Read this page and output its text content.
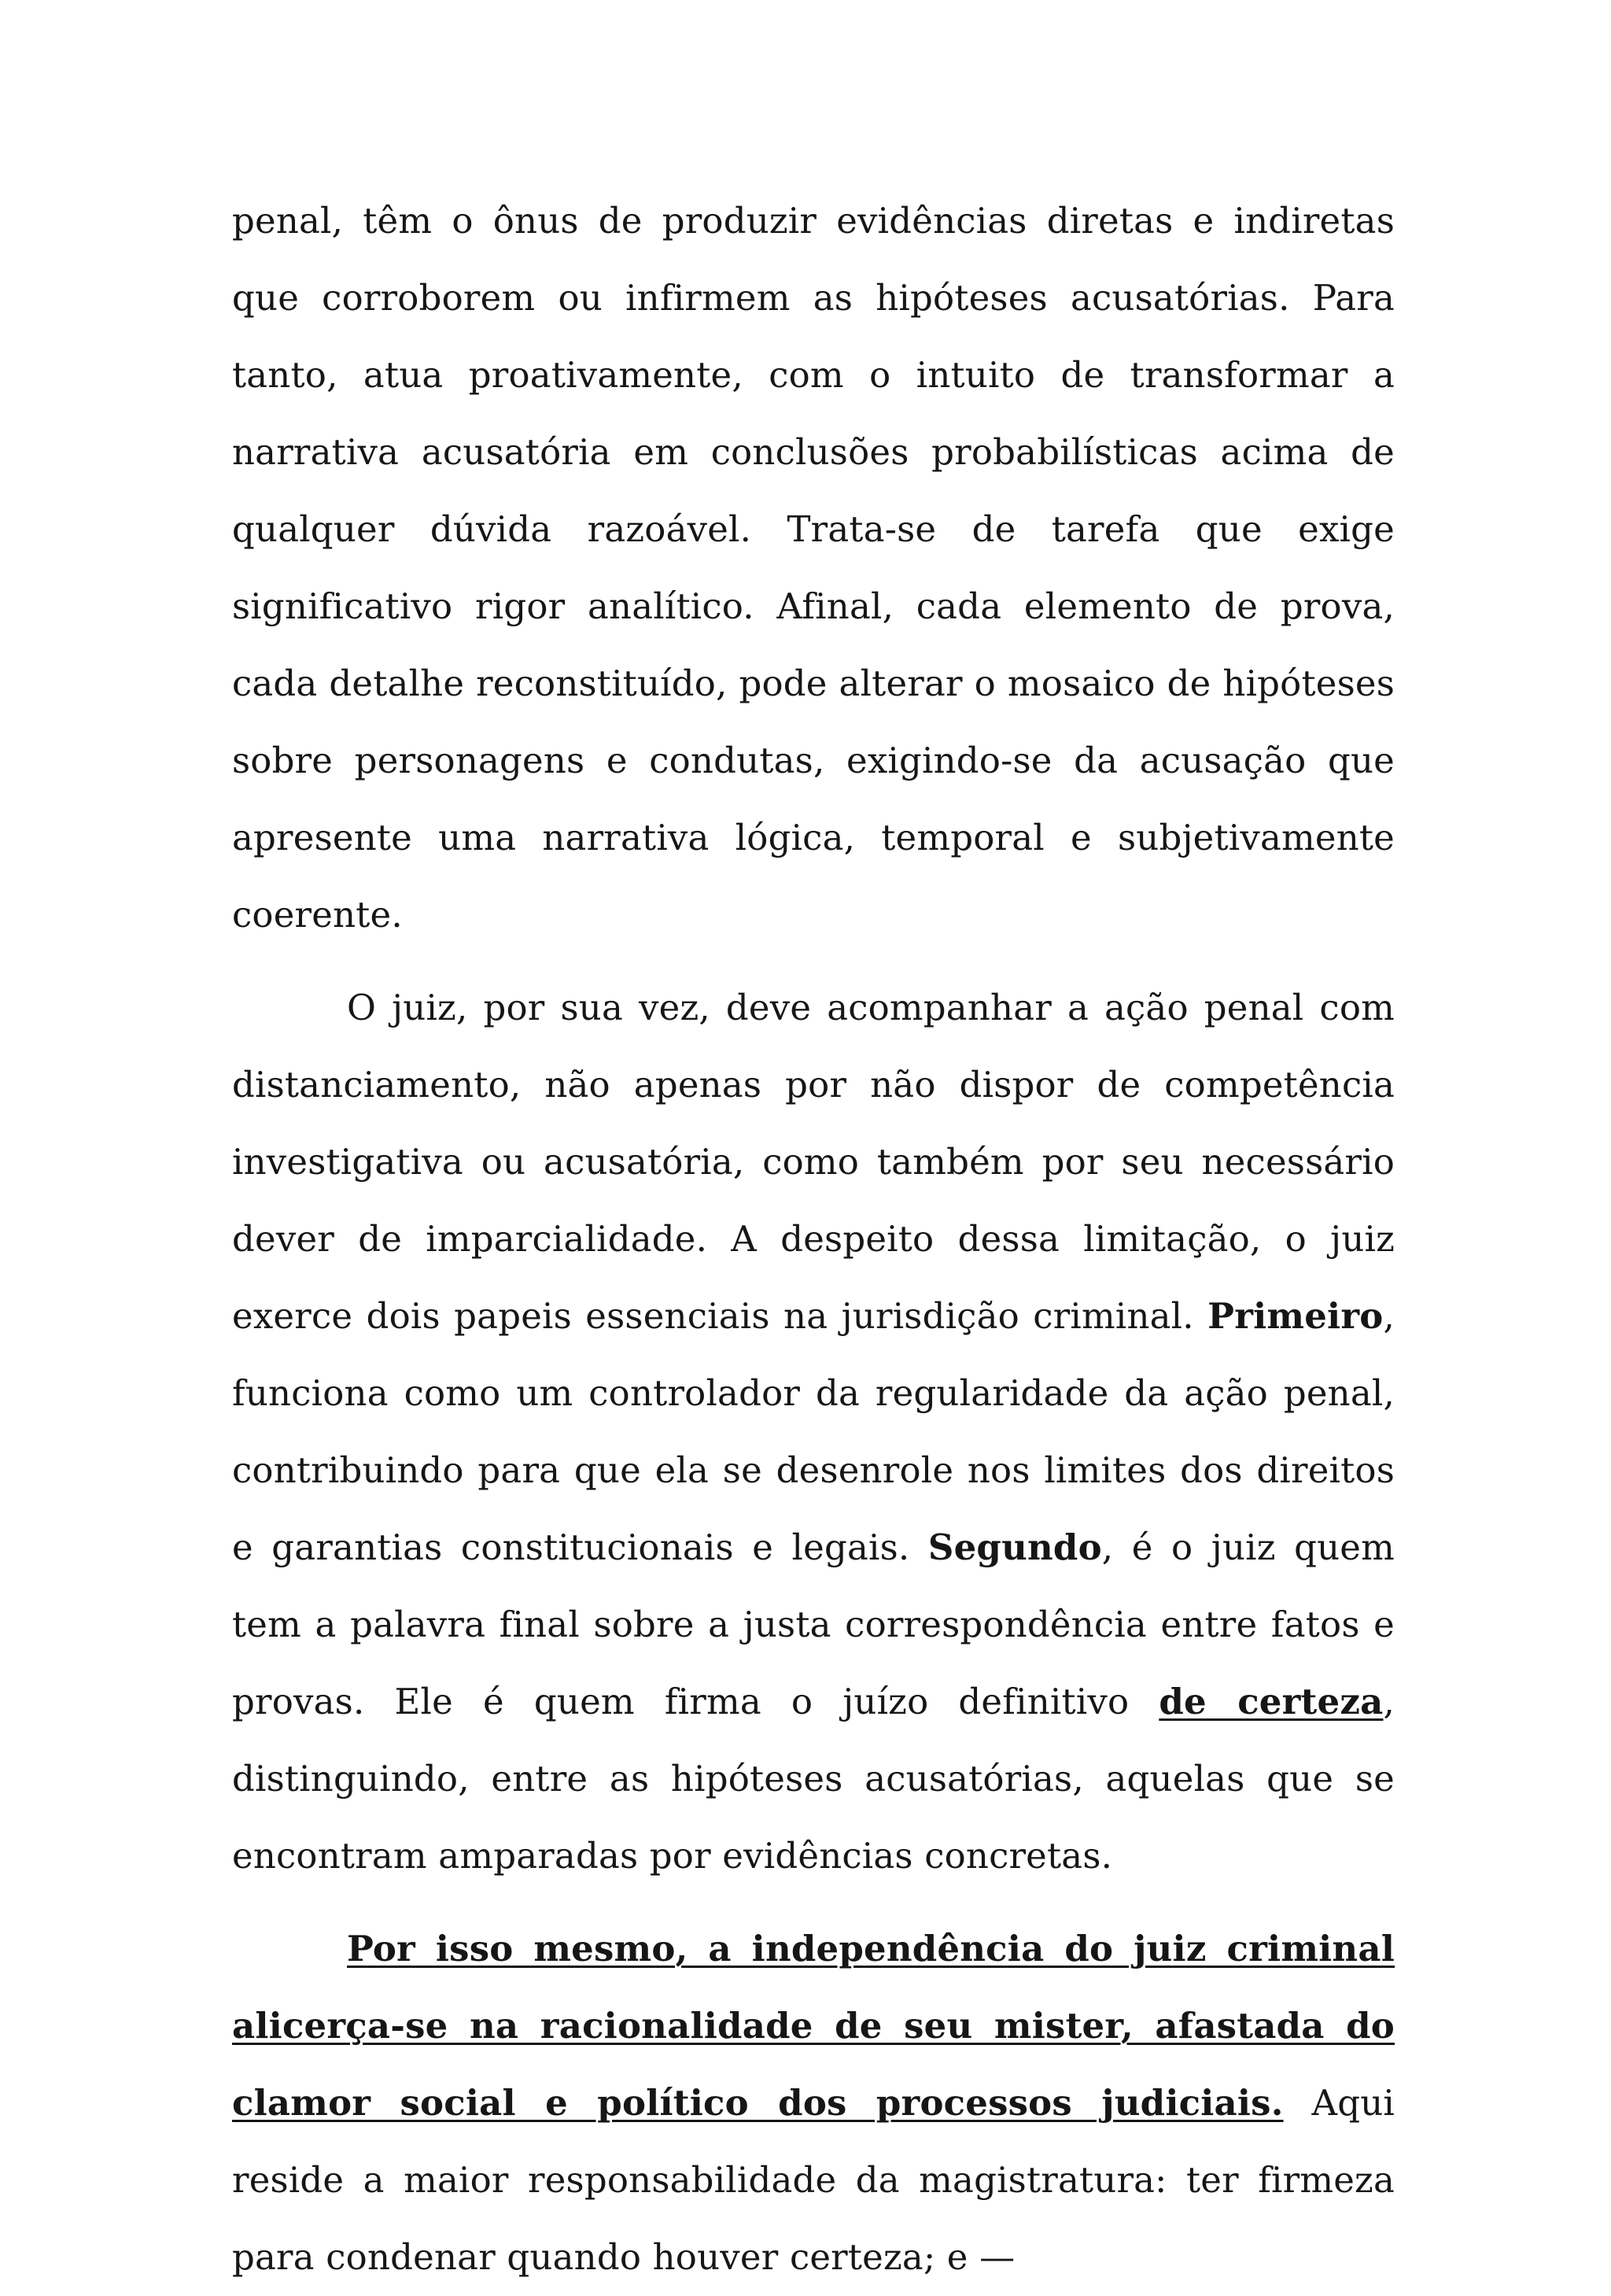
penal, têm o ônus de produzir evidências diretas e indiretas que corroborem ou infirmem as hipóteses acusatórias. Para tanto, atua proativamente, com o intuito de transformar a narrativa acusatória em conclusões probabilísticas acima de qualquer dúvida razoável. Trata-se de tarefa que exige significativo rigor analítico. Afinal, cada elemento de prova, cada detalhe reconstituído, pode alterar o mosaico de hipóteses sobre personagens e condutas, exigindo-se da acusação que apresente uma narrativa lógica, temporal e subjetivamente coerente.

O juiz, por sua vez, deve acompanhar a ação penal com distanciamento, não apenas por não dispor de competência investigativa ou acusatória, como também por seu necessário dever de imparcialidade. A despeito dessa limitação, o juiz exerce dois papeis essenciais na jurisdição criminal. Primeiro, funciona como um controlador da regularidade da ação penal, contribuindo para que ela se desenrole nos limites dos direitos e garantias constitucionais e legais. Segundo, é o juiz quem tem a palavra final sobre a justa correspondência entre fatos e provas. Ele é quem firma o juízo definitivo de certeza, distinguindo, entre as hipóteses acusatórias, aquelas que se encontram amparadas por evidências concretas.

Por isso mesmo, a independência do juiz criminal alicerça-se na racionalidade de seu mister, afastada do clamor social e político dos processos judiciais. Aqui reside a maior responsabilidade da magistratura: ter firmeza para condenar quando houver certeza; e —
